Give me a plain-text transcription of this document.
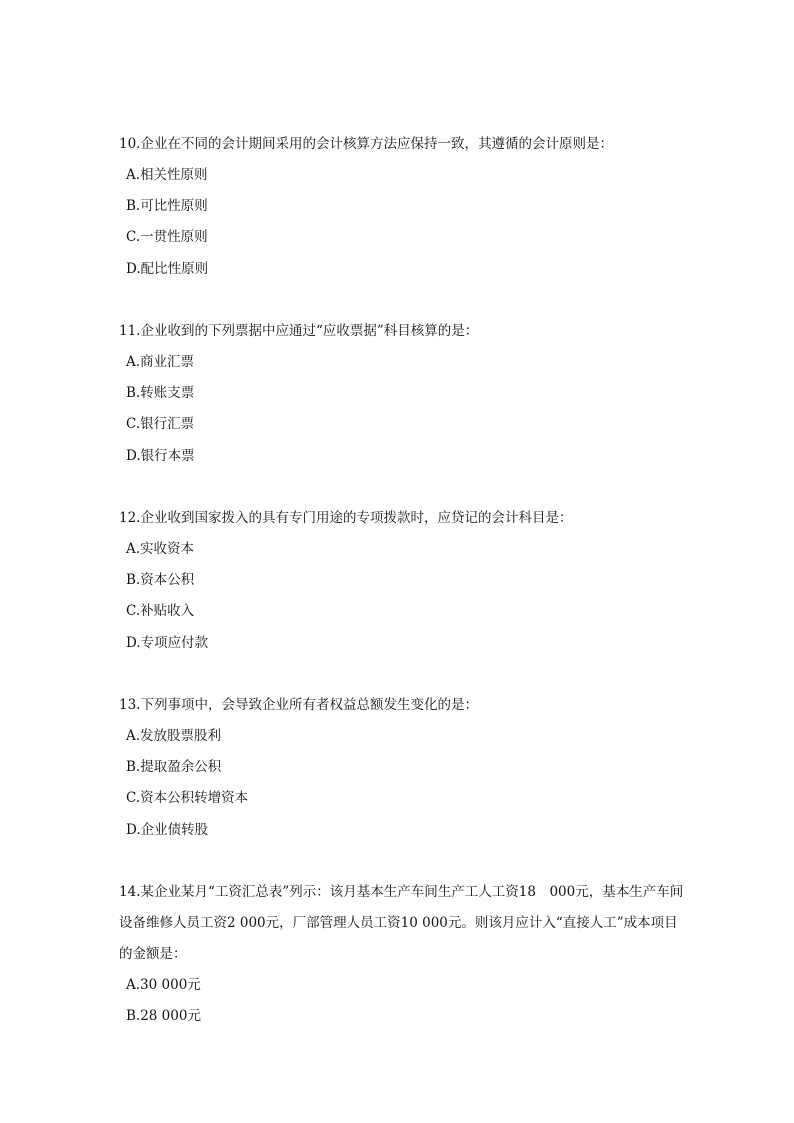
10.企业在不同的会计期间采用的会计核算方法应保持一致，其遵循的会计原则是：

A.相关性原则
B.可比性原则
C.一贯性原则
D.配比性原则

11.企业收到的下列票据中应通过“应收票据”科目核算的是：

A.商业汇票
B.转账支票
C.银行汇票
D.银行本票

12.企业收到国家拨入的具有专门用途的专项拨款时，应贷记的会计科目是：

A.实收资本
B.资本公积
C.补贴收入
D.专项应付款

13.下列事项中，会导致企业所有者权益总额发生变化的是：

A.发放股票股利
B.提取盈余公积
C.资本公积转增资本
D.企业债转股

14.某企业某月“工资汇总表”列示：该月基本生产车间生产工人工资18　000元，基本生产车间设备维修人员工资2 000元，厂部管理人员工资10 000元。则该月应计入“直接人工”成本项目的金额是：

A.30 000元
B.28 000元
